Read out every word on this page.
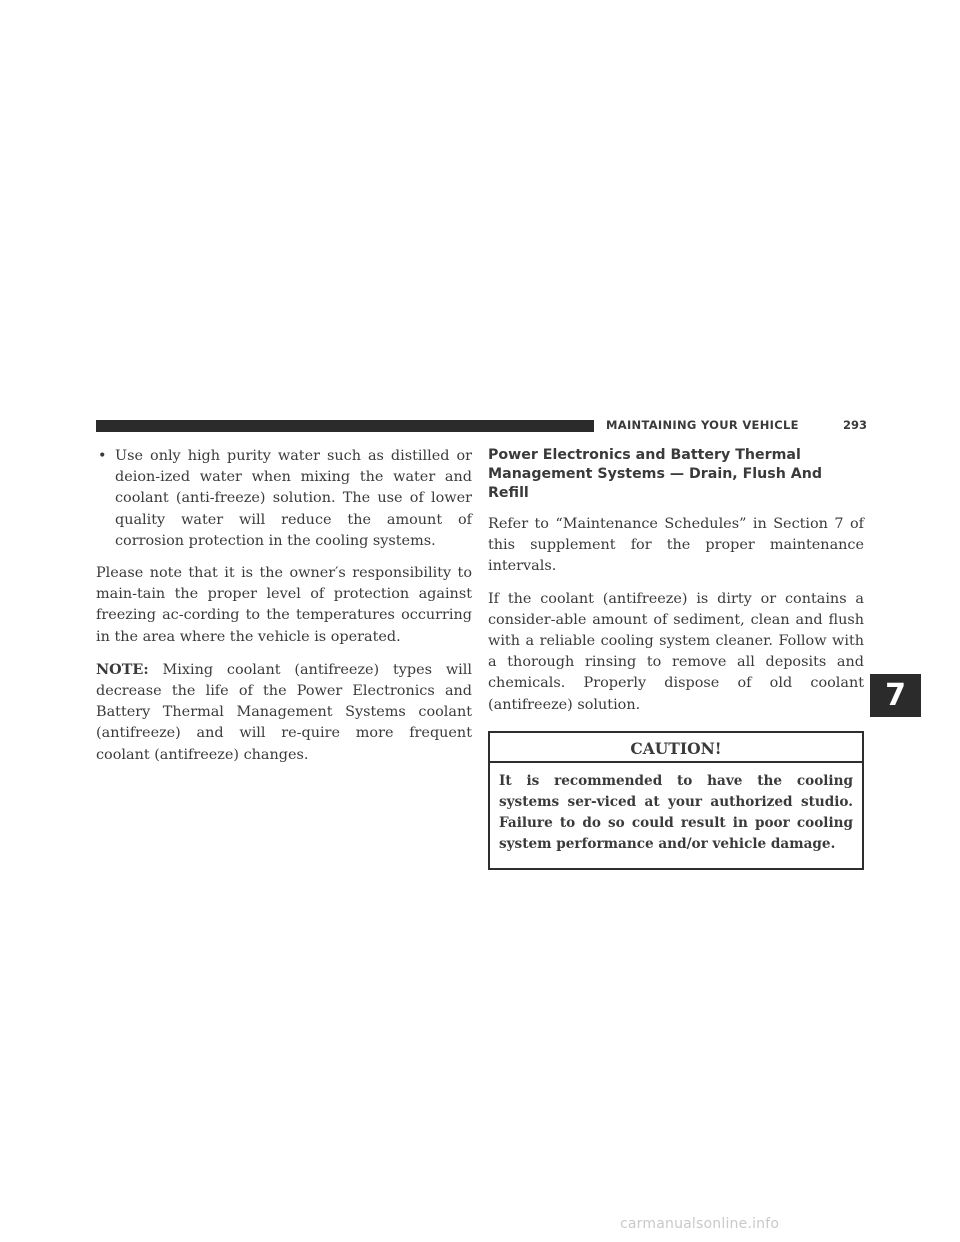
MAINTAINING YOUR VEHICLE	293
• Use only high purity water such as distilled or deion-ized water when mixing the water and coolant (anti-freeze) solution. The use of lower quality water will reduce the amount of corrosion protection in the cooling systems.

Please note that it is the owner′s responsibility to main-tain the proper level of protection against freezing ac-cording to the temperatures occurring in the area where the vehicle is operated.

NOTE: Mixing coolant (antifreeze) types will decrease the life of the Power Electronics and Battery Thermal Management Systems coolant (antifreeze) and will re-quire more frequent coolant (antifreeze) changes.

Power Electronics and Battery Thermal Management Systems — Drain, Flush And Refill

Refer to “Maintenance Schedules” in Section 7 of this supplement for the proper maintenance intervals.

If the coolant (antifreeze) is dirty or contains a consider-able amount of sediment, clean and flush with a reliable cooling system cleaner. Follow with a thorough rinsing to remove all deposits and chemicals. Properly dispose of old coolant (antifreeze) solution.

CAUTION!

It is recommended to have the cooling systems ser-viced at your authorized studio. Failure to do so could result in poor cooling system performance and/or vehicle damage.

7
carmanualsonline.info
